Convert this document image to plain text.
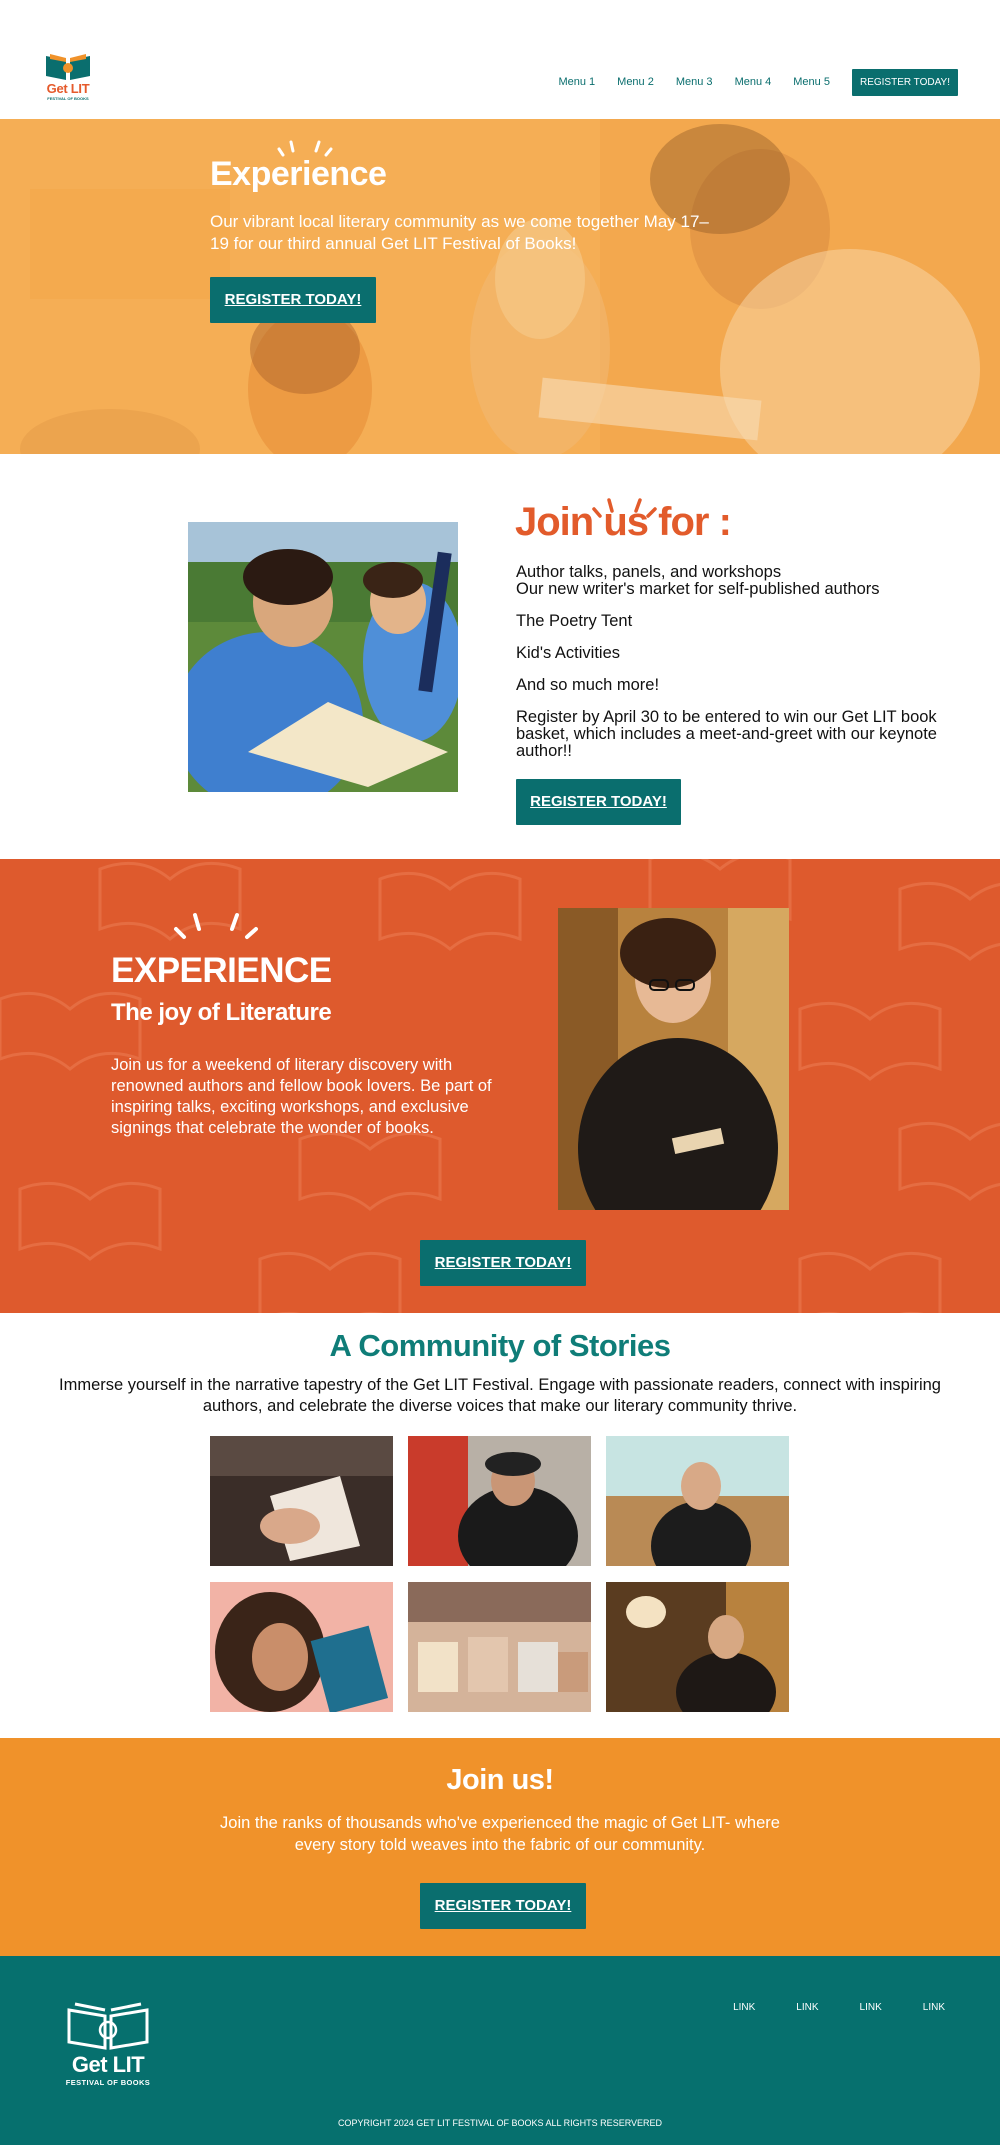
Get LIT
FESTIVAL OF BOOKS
Menu 1 Menu 2 Menu 3 Menu 4 Menu 5	REGISTER TODAY!
Experience

Our vibrant local literary community as we come together May 17– 19 for our third annual Get LIT Festival of Books!

REGISTER TODAY!
Join us for :

Author talks, panels, and workshops

Our new writer's market for self-published authors

The Poetry Tent

Kid's Activities

And so much more!

Register by April 30 to be entered to win our Get LIT book basket, which includes a meet-and-greet with our keynote author!!

REGISTER TODAY!
EXPERIENCE
The joy of Literature

Join us for a weekend of literary discovery with renowned authors and fellow book lovers. Be part of inspiring talks, exciting workshops, and exclusive signings that celebrate the wonder of books.

REGISTER TODAY!
A Community of Stories

Immerse yourself in the narrative tapestry of the Get LIT Festival. Engage with passionate readers, connect with inspiring authors, and celebrate the diverse voices that make our literary community thrive.

Join us!

Join the ranks of thousands who've experienced the magic of Get LIT- where every story told weaves into the fabric of our community.

REGISTER TODAY!
Get LIT
FESTIVAL OF BOOKS
LINK	LINK	LINK	LINK
COPYRIGHT 2024 GET LIT FESTIVAL OF BOOKS ALL RIGHTS RESERVERED
